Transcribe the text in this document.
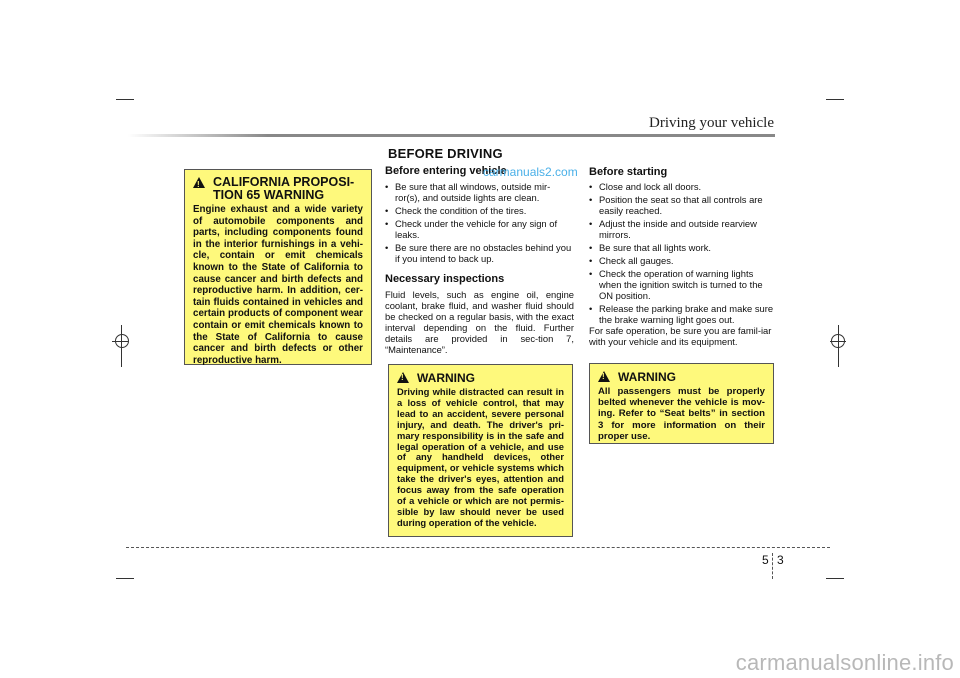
Driving your vehicle
BEFORE DRIVING
!
CALIFORNIA PROPOSI-
TION 65 WARNING
Engine exhaust and a wide variety of automobile components and parts, including components found in the interior furnishings in a vehi-cle, contain or emit chemicals known to the State of California to cause cancer and birth defects and reproductive harm. In addition, cer-tain fluids contained in vehicles and certain products of component wear contain or emit chemicals known to the State of California to cause cancer and birth defects or other reproductive harm.
Before entering vehicle
• Be sure that all windows, outside mir-ror(s), and outside lights are clean.
• Check the condition of the tires.
• Check under the vehicle for any sign of leaks.
• Be sure there are no obstacles behind you if you intend to back up.
carmanuals2.com
Necessary inspections
Fluid levels, such as engine oil, engine coolant, brake fluid, and washer fluid should be checked on a regular basis, with the exact interval depending on the fluid. Further details are provided in sec-tion 7, “Maintenance”.
!
WARNING
Driving while distracted can result in a loss of vehicle control, that may lead to an accident, severe personal injury, and death. The driver's pri-mary responsibility is in the safe and legal operation of a vehicle, and use of any handheld devices, other equipment, or vehicle systems which take the driver's eyes, attention and focus away from the safe operation of a vehicle or which are not permis-sible by law should never be used during operation of the vehicle.
Before starting
• Close and lock all doors.
• Position the seat so that all controls are easily reached.
• Adjust the inside and outside rearview mirrors.
• Be sure that all lights work.
• Check all gauges.
• Check the operation of warning lights when the ignition switch is turned to the ON position.
• Release the parking brake and make sure the brake warning light goes out.
For safe operation, be sure you are famil-iar with your vehicle and its equipment.
!
WARNING
All passengers must be properly belted whenever the vehicle is mov-ing. Refer to “Seat belts” in section 3 for more information on their proper use.
5 3
carmanualsonline.info
